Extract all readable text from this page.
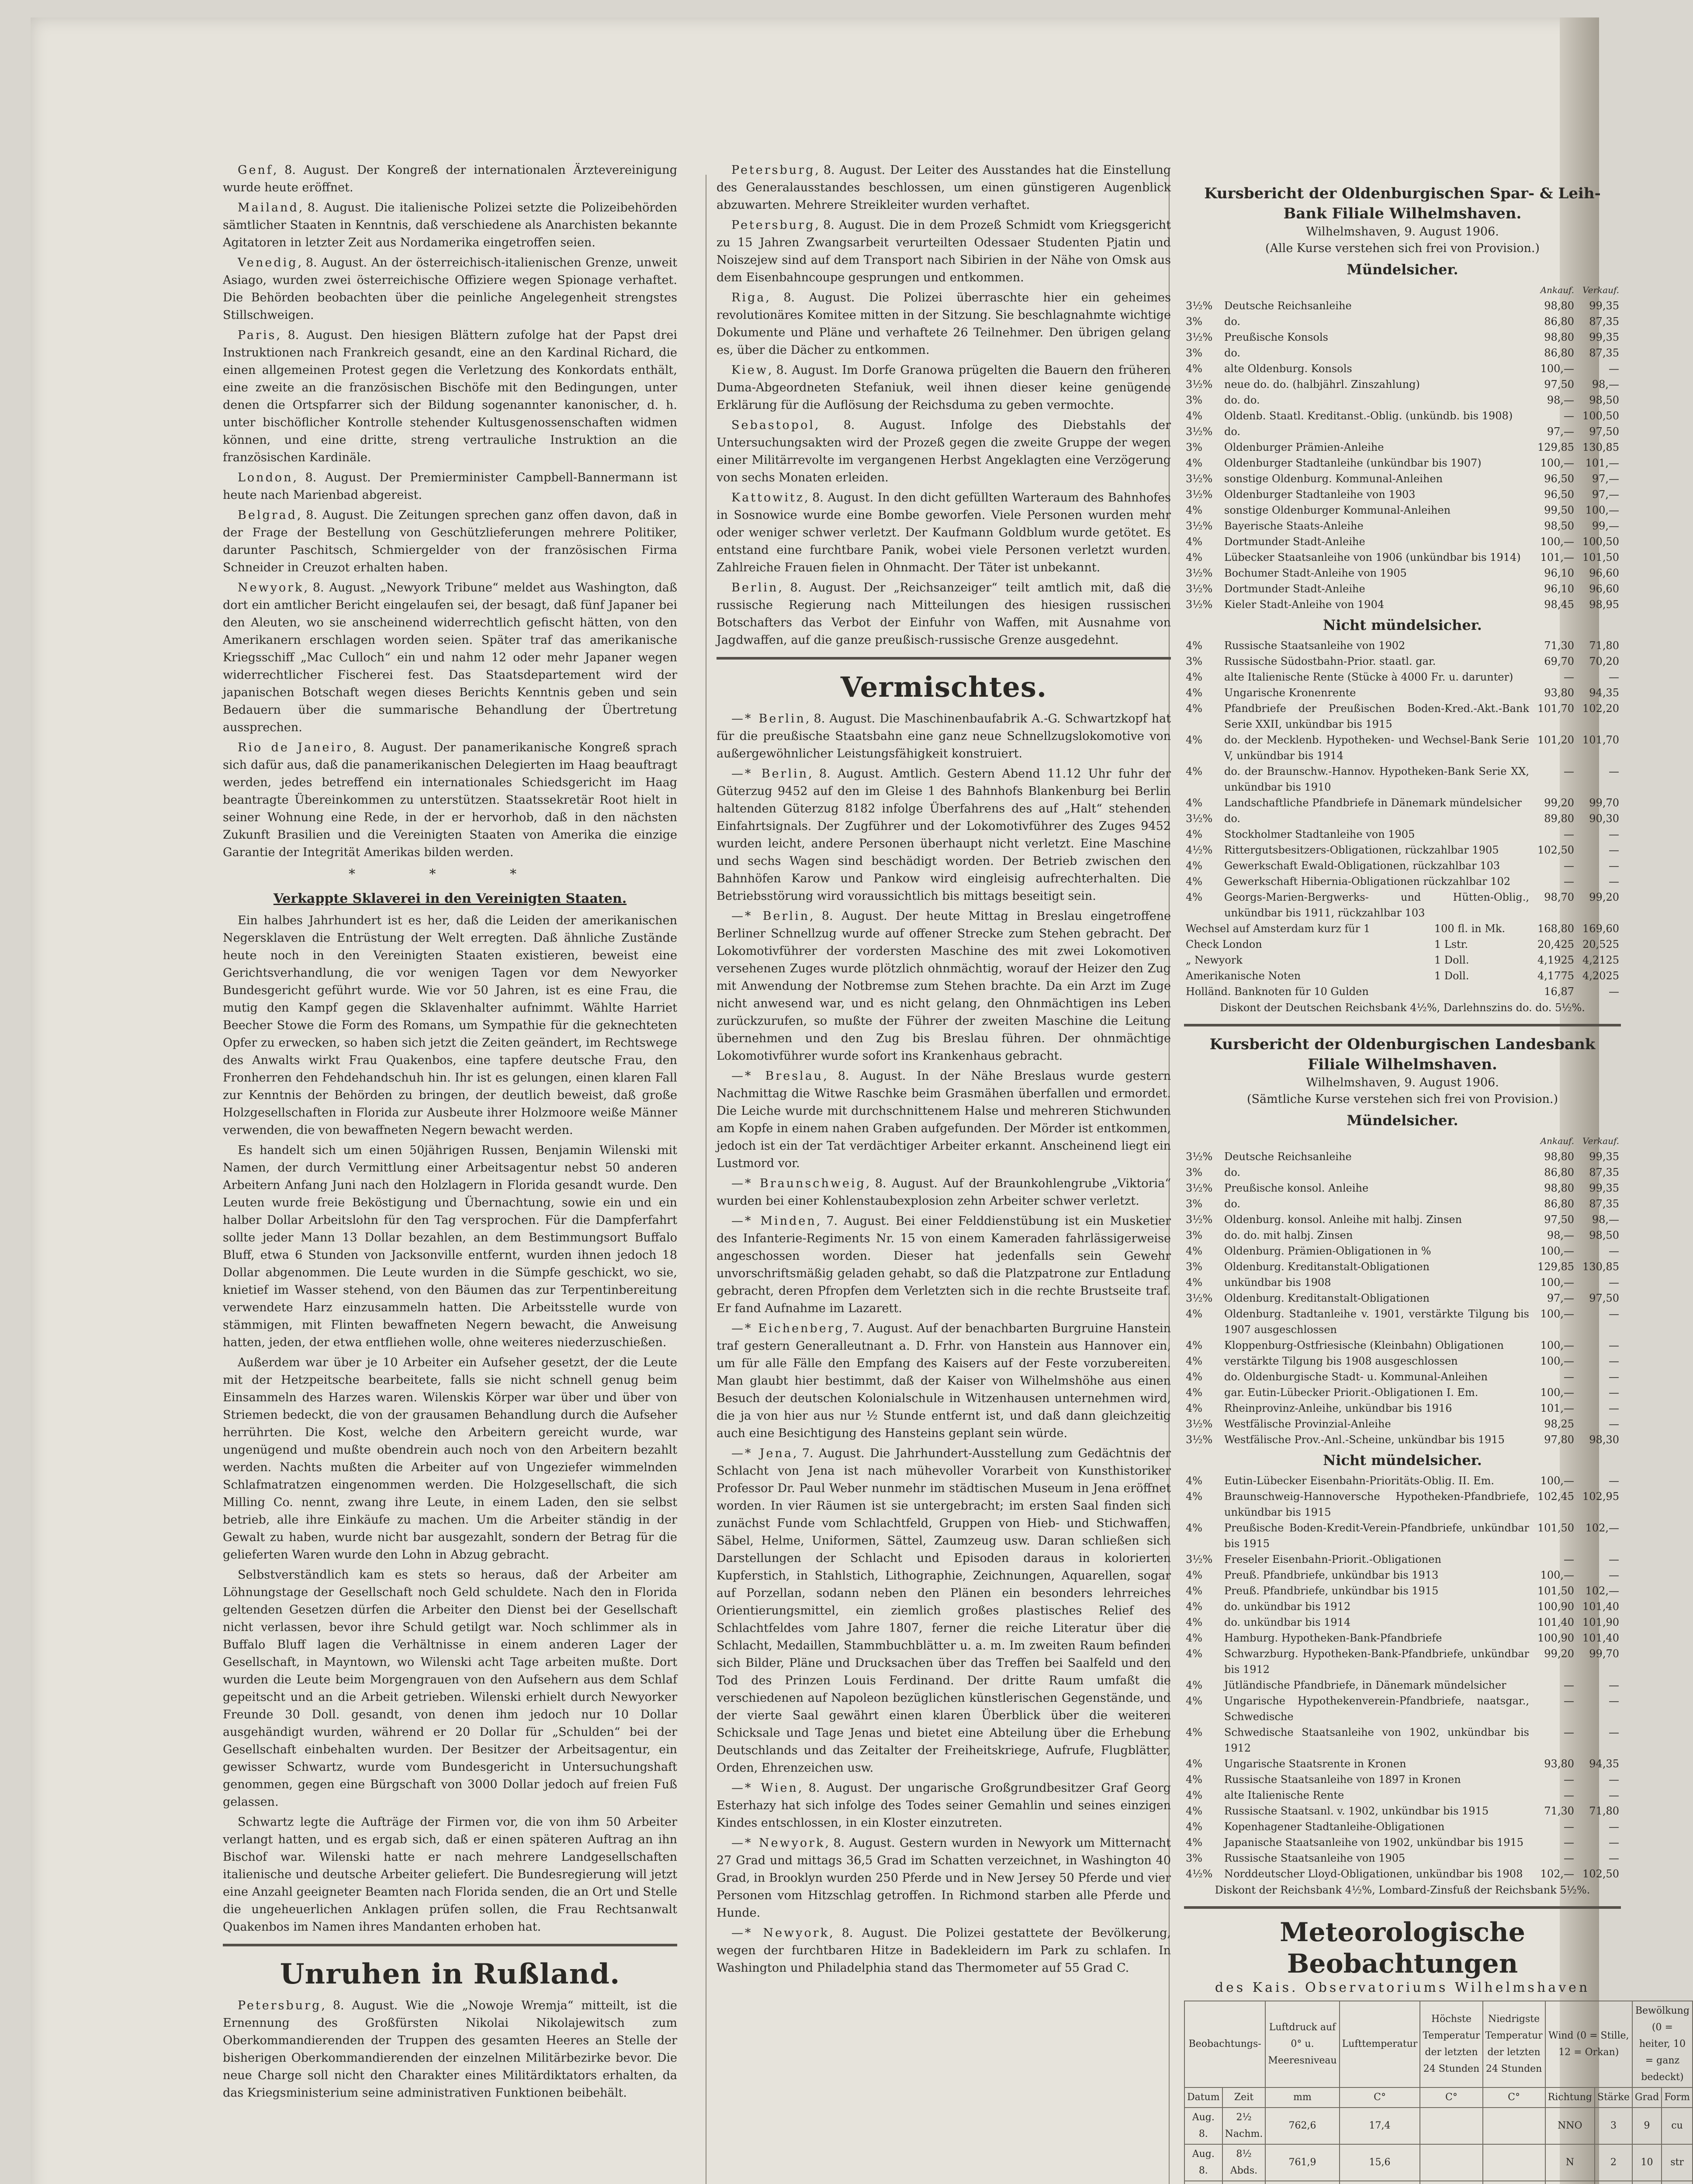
Genf, 8. August. Der Kongreß der internationalen Ärztevereinigung wurde heute eröffnet.

Mailand, 8. August. Die italienische Polizei setzte die Polizeibehörden sämtlicher Staaten in Kenntnis, daß verschiedene als Anarchisten bekannte Agitatoren in letzter Zeit aus Nordamerika eingetroffen seien.

Venedig, 8. August. An der österreichisch-italienischen Grenze, unweit Asiago, wurden zwei österreichische Offiziere wegen Spionage verhaftet. Die Behörden beobachten über die peinliche Angelegenheit strengstes Stillschweigen.

Paris, 8. August. Den hiesigen Blättern zufolge hat der Papst drei Instruktionen nach Frankreich gesandt, eine an den Kardinal Richard, die einen allgemeinen Protest gegen die Verletzung des Konkordats enthält, eine zweite an die französischen Bischöfe mit den Bedingungen, unter denen die Ortspfarrer sich der Bildung sogenannter kanonischer, d. h. unter bischöflicher Kontrolle stehender Kultusgenossenschaften widmen können, und eine dritte, streng vertrauliche Instruktion an die französischen Kardinäle.

London, 8. August. Der Premierminister Campbell-Bannermann ist heute nach Marienbad abgereist.

Belgrad, 8. August. Die Zeitungen sprechen ganz offen davon, daß in der Frage der Bestellung von Geschützlieferungen mehrere Politiker, darunter Paschitsch, Schmiergelder von der französischen Firma Schneider in Creuzot erhalten haben.

Newyork, 8. August. „Newyork Tribune“ meldet aus Washington, daß dort ein amtlicher Bericht eingelaufen sei, der besagt, daß fünf Japaner bei den Aleuten, wo sie anscheinend widerrechtlich gefischt hätten, von den Amerikanern erschlagen worden seien. Später traf das amerikanische Kriegsschiff „Mac Culloch“ ein und nahm 12 oder mehr Japaner wegen widerrechtlicher Fischerei fest. Das Staatsdepartement wird der japanischen Botschaft wegen dieses Berichts Kenntnis geben und sein Bedauern über die summarische Behandlung der Übertretung aussprechen.

Rio de Janeiro, 8. August. Der panamerikanische Kongreß sprach sich dafür aus, daß die panamerikanischen Delegierten im Haag beauftragt werden, jedes betreffend ein internationales Schiedsgericht im Haag beantragte Übereinkommen zu unterstützen. Staatssekretär Root hielt in seiner Wohnung eine Rede, in der er hervorhob, daß in den nächsten Zukunft Brasilien und die Vereinigten Staaten von Amerika die einzige Garantie der Integrität Amerikas bilden werden.

* * *
Verkappte Sklaverei in den Vereinigten Staaten.

Ein halbes Jahrhundert ist es her, daß die Leiden der amerikanischen Negersklaven die Entrüstung der Welt erregten. Daß ähnliche Zustände heute noch in den Vereinigten Staaten existieren, beweist eine Gerichtsverhandlung, die vor wenigen Tagen vor dem Newyorker Bundesgericht geführt wurde. Wie vor 50 Jahren, ist es eine Frau, die mutig den Kampf gegen die Sklavenhalter aufnimmt. Wählte Harriet Beecher Stowe die Form des Romans, um Sympathie für die geknechteten Opfer zu erwecken, so haben sich jetzt die Zeiten geändert, im Rechtswege des Anwalts wirkt Frau Quakenbos, eine tapfere deutsche Frau, den Fronherren den Fehdehandschuh hin. Ihr ist es gelungen, einen klaren Fall zur Kenntnis der Behörden zu bringen, der deutlich beweist, daß große Holzgesellschaften in Florida zur Ausbeute ihrer Holzmoore weiße Männer verwenden, die von bewaffneten Negern bewacht werden.

Es handelt sich um einen 50jährigen Russen, Benjamin Wilenski mit Namen, der durch Vermittlung einer Arbeitsagentur nebst 50 anderen Arbeitern Anfang Juni nach den Holzlagern in Florida gesandt wurde. Den Leuten wurde freie Beköstigung und Übernachtung, sowie ein und ein halber Dollar Arbeitslohn für den Tag versprochen. Für die Dampferfahrt sollte jeder Mann 13 Dollar bezahlen, an dem Bestimmungsort Buffalo Bluff, etwa 6 Stunden von Jacksonville entfernt, wurden ihnen jedoch 18 Dollar abgenommen. Die Leute wurden in die Sümpfe geschickt, wo sie, knietief im Wasser stehend, von den Bäumen das zur Terpentinbereitung verwendete Harz einzusammeln hatten. Die Arbeitsstelle wurde von stämmigen, mit Flinten bewaffneten Negern bewacht, die Anweisung hatten, jeden, der etwa entfliehen wolle, ohne weiteres niederzuschießen.

Außerdem war über je 10 Arbeiter ein Aufseher gesetzt, der die Leute mit der Hetzpeitsche bearbeitete, falls sie nicht schnell genug beim Einsammeln des Harzes waren. Wilenskis Körper war über und über von Striemen bedeckt, die von der grausamen Behandlung durch die Aufseher herrührten. Die Kost, welche den Arbeitern gereicht wurde, war ungenügend und mußte obendrein auch noch von den Arbeitern bezahlt werden. Nachts mußten die Arbeiter auf von Ungeziefer wimmelnden Schlafmatratzen eingenommen werden. Die Holzgesellschaft, die sich Milling Co. nennt, zwang ihre Leute, in einem Laden, den sie selbst betrieb, alle ihre Einkäufe zu machen. Um die Arbeiter ständig in der Gewalt zu haben, wurde nicht bar ausgezahlt, sondern der Betrag für die gelieferten Waren wurde den Lohn in Abzug gebracht.

Selbstverständlich kam es stets so heraus, daß der Arbeiter am Löhnungstage der Gesellschaft noch Geld schuldete. Nach den in Florida geltenden Gesetzen dürfen die Arbeiter den Dienst bei der Gesellschaft nicht verlassen, bevor ihre Schuld getilgt war. Noch schlimmer als in Buffalo Bluff lagen die Verhältnisse in einem anderen Lager der Gesellschaft, in Mayntown, wo Wilenski acht Tage arbeiten mußte. Dort wurden die Leute beim Morgengrauen von den Aufsehern aus dem Schlaf gepeitscht und an die Arbeit getrieben. Wilenski erhielt durch Newyorker Freunde 30 Doll. gesandt, von denen ihm jedoch nur 10 Dollar ausgehändigt wurden, während er 20 Dollar für „Schulden“ bei der Gesellschaft einbehalten wurden. Der Besitzer der Arbeitsagentur, ein gewisser Schwartz, wurde vom Bundesgericht in Untersuchungshaft genommen, gegen eine Bürgschaft von 3000 Dollar jedoch auf freien Fuß gelassen.

Schwartz legte die Aufträge der Firmen vor, die von ihm 50 Arbeiter verlangt hatten, und es ergab sich, daß er einen späteren Auftrag an ihn Bischof war. Wilenski hatte er nach mehrere Landgesellschaften italienische und deutsche Arbeiter geliefert. Die Bundesregierung will jetzt eine Anzahl geeigneter Beamten nach Florida senden, die an Ort und Stelle die ungeheuerlichen Anklagen prüfen sollen, die Frau Rechtsanwalt Quakenbos im Namen ihres Mandanten erhoben hat.

Unruhen in Rußland.

Petersburg, 8. August. Wie die „Nowoje Wremja“ mitteilt, ist die Ernennung des Großfürsten Nikolai Nikolajewitsch zum Oberkommandierenden der Truppen des gesamten Heeres an Stelle der bisherigen Oberkommandierenden der einzelnen Militärbezirke bevor. Die neue Charge soll nicht den Charakter eines Militärdiktators erhalten, da das Kriegsministerium seine administrativen Funktionen beibehält.

Petersburg, 8. August. Der Leiter des Ausstandes hat die Einstellung des Generalausstandes beschlossen, um einen günstigeren Augenblick abzuwarten. Mehrere Streikleiter wurden verhaftet.

Petersburg, 8. August. Die in dem Prozeß Schmidt vom Kriegsgericht zu 15 Jahren Zwangsarbeit verurteilten Odessaer Studenten Pjatin und Noiszejew sind auf dem Transport nach Sibirien in der Nähe von Omsk aus dem Eisenbahncoupe gesprungen und entkommen.

Riga, 8. August. Die Polizei überraschte hier ein geheimes revolutionäres Komitee mitten in der Sitzung. Sie beschlagnahmte wichtige Dokumente und Pläne und verhaftete 26 Teilnehmer. Den übrigen gelang es, über die Dächer zu entkommen.

Kiew, 8. August. Im Dorfe Granowa prügelten die Bauern den früheren Duma-Abgeordneten Stefaniuk, weil ihnen dieser keine genügende Erklärung für die Auflösung der Reichsduma zu geben vermochte.

Sebastopol, 8. August. Infolge des Diebstahls der Untersuchungsakten wird der Prozeß gegen die zweite Gruppe der wegen einer Militärrevolte im vergangenen Herbst Angeklagten eine Verzögerung von sechs Monaten erleiden.

Kattowitz, 8. August. In den dicht gefüllten Warteraum des Bahnhofes in Sosnowice wurde eine Bombe geworfen. Viele Personen wurden mehr oder weniger schwer verletzt. Der Kaufmann Goldblum wurde getötet. Es entstand eine furchtbare Panik, wobei viele Personen verletzt wurden. Zahlreiche Frauen fielen in Ohnmacht. Der Täter ist unbekannt.

Berlin, 8. August. Der „Reichsanzeiger“ teilt amtlich mit, daß die russische Regierung nach Mitteilungen des hiesigen russischen Botschafters das Verbot der Einfuhr von Waffen, mit Ausnahme von Jagdwaffen, auf die ganze preußisch-russische Grenze ausgedehnt.

Vermischtes.

—* Berlin, 8. August. Die Maschinenbaufabrik A.-G. Schwartzkopf hat für die preußische Staatsbahn eine ganz neue Schnellzugslokomotive von außergewöhnlicher Leistungsfähigkeit konstruiert.

—* Berlin, 8. August. Amtlich. Gestern Abend 11.12 Uhr fuhr der Güterzug 9452 auf den im Gleise 1 des Bahnhofs Blankenburg bei Berlin haltenden Güterzug 8182 infolge Überfahrens des auf „Halt“ stehenden Einfahrtsignals. Der Zugführer und der Lokomotivführer des Zuges 9452 wurden leicht, andere Personen überhaupt nicht verletzt. Eine Maschine und sechs Wagen sind beschädigt worden. Der Betrieb zwischen den Bahnhöfen Karow und Pankow wird eingleisig aufrechterhalten. Die Betriebsstörung wird voraussichtlich bis mittags beseitigt sein.

—* Berlin, 8. August. Der heute Mittag in Breslau eingetroffene Berliner Schnellzug wurde auf offener Strecke zum Stehen gebracht. Der Lokomotivführer der vordersten Maschine des mit zwei Lokomotiven versehenen Zuges wurde plötzlich ohnmächtig, worauf der Heizer den Zug mit Anwendung der Notbremse zum Stehen brachte. Da ein Arzt im Zuge nicht anwesend war, und es nicht gelang, den Ohnmächtigen ins Leben zurückzurufen, so mußte der Führer der zweiten Maschine die Leitung übernehmen und den Zug bis Breslau führen. Der ohnmächtige Lokomotivführer wurde sofort ins Krankenhaus gebracht.

—* Breslau, 8. August. In der Nähe Breslaus wurde gestern Nachmittag die Witwe Raschke beim Grasmähen überfallen und ermordet. Die Leiche wurde mit durchschnittenem Halse und mehreren Stichwunden am Kopfe in einem nahen Graben aufgefunden. Der Mörder ist entkommen, jedoch ist ein der Tat verdächtiger Arbeiter erkannt. Anscheinend liegt ein Lustmord vor.

—* Braunschweig, 8. August. Auf der Braunkohlengrube „Viktoria“ wurden bei einer Kohlenstaubexplosion zehn Arbeiter schwer verletzt.

—* Minden, 7. August. Bei einer Felddienstübung ist ein Musketier des Infanterie-Regiments Nr. 15 von einem Kameraden fahrlässigerweise angeschossen worden. Dieser hat jedenfalls sein Gewehr unvorschriftsmäßig geladen gehabt, so daß die Platzpatrone zur Entladung gebracht, deren Pfropfen dem Verletzten sich in die rechte Brustseite traf. Er fand Aufnahme im Lazarett.

—* Eichenberg, 7. August. Auf der benachbarten Burgruine Hanstein traf gestern Generalleutnant a. D. Frhr. von Hanstein aus Hannover ein, um für alle Fälle den Empfang des Kaisers auf der Feste vorzubereiten. Man glaubt hier bestimmt, daß der Kaiser von Wilhelmshöhe aus einen Besuch der deutschen Kolonialschule in Witzenhausen unternehmen wird, die ja von hier aus nur ½ Stunde entfernt ist, und daß dann gleichzeitig auch eine Besichtigung des Hansteins geplant sein würde.

—* Jena, 7. August. Die Jahrhundert-Ausstellung zum Gedächtnis der Schlacht von Jena ist nach mühevoller Vorarbeit von Kunsthistoriker Professor Dr. Paul Weber nunmehr im städtischen Museum in Jena eröffnet worden. In vier Räumen ist sie untergebracht; im ersten Saal finden sich zunächst Funde vom Schlachtfeld, Gruppen von Hieb- und Stichwaffen, Säbel, Helme, Uniformen, Sättel, Zaumzeug usw. Daran schließen sich Darstellungen der Schlacht und Episoden daraus in kolorierten Kupferstich, in Stahlstich, Lithographie, Zeichnungen, Aquarellen, sogar auf Porzellan, sodann neben den Plänen ein besonders lehrreiches Orientierungsmittel, ein ziemlich großes plastisches Relief des Schlachtfeldes vom Jahre 1807, ferner die reiche Literatur über die Schlacht, Medaillen, Stammbuchblätter u. a. m. Im zweiten Raum befinden sich Bilder, Pläne und Drucksachen über das Treffen bei Saalfeld und den Tod des Prinzen Louis Ferdinand. Der dritte Raum umfaßt die verschiedenen auf Napoleon bezüglichen künstlerischen Gegenstände, und der vierte Saal gewährt einen klaren Überblick über die weiteren Schicksale und Tage Jenas und bietet eine Abteilung über die Erhebung Deutschlands und das Zeitalter der Freiheitskriege, Aufrufe, Flugblätter, Orden, Ehrenzeichen usw.

—* Wien, 8. August. Der ungarische Großgrundbesitzer Graf Georg Esterhazy hat sich infolge des Todes seiner Gemahlin und seines einzigen Kindes entschlossen, in ein Kloster einzutreten.

—* Newyork, 8. August. Gestern wurden in Newyork um Mitternacht 27 Grad und mittags 36,5 Grad im Schatten verzeichnet, in Washington 40 Grad, in Brooklyn wurden 250 Pferde und in New Jersey 50 Pferde und vier Personen vom Hitzschlag getroffen. In Richmond starben alle Pferde und Hunde.

—* Newyork, 8. August. Die Polizei gestattete der Bevölkerung, wegen der furchtbaren Hitze in Badekleidern im Park zu schlafen. In Washington und Philadelphia stand das Thermometer auf 55 Grad C.

Kursbericht der Oldenburgischen Spar- & Leih-Bank Filiale Wilhelmshaven.
Wilhelmshaven, 9. August 1906.
(Alle Kurse verstehen sich frei von Provision.)
Mündelsicher.
		Ankauf.	Verkauf.
3½%	Deutsche Reichsanleihe	98,80	99,35
3%	do.	86,80	87,35
3½%	Preußische Konsols	98,80	99,35
3%	do.	86,80	87,35
4%	alte Oldenburg. Konsols	100,—	—
3½%	neue do. do. (halbjährl. Zinszahlung)	97,50	98,—
3%	do. do.	98,—	98,50
4%	Oldenb. Staatl. Kreditanst.-Oblig. (unkündb. bis 1908)	—	100,50
3½%	do.	97,—	97,50
3%	Oldenburger Prämien-Anleihe	129,85	130,85
4%	Oldenburger Stadtanleihe (unkündbar bis 1907)	100,—	101,—
3½%	sonstige Oldenburg. Kommunal-Anleihen	96,50	97,—
3½%	Oldenburger Stadtanleihe von 1903	96,50	97,—
4%	sonstige Oldenburger Kommunal-Anleihen	99,50	100,—
3½%	Bayerische Staats-Anleihe	98,50	99,—
4%	Dortmunder Stadt-Anleihe	100,—	100,50
4%	Lübecker Staatsanleihe von 1906 (unkündbar bis 1914)	101,—	101,50
3½%	Bochumer Stadt-Anleihe von 1905	96,10	96,60
3½%	Dortmunder Stadt-Anleihe	96,10	96,60
3½%	Kieler Stadt-Anleihe von 1904	98,45	98,95
Nicht mündelsicher.
4%	Russische Staatsanleihe von 1902	71,30	71,80
3%	Russische Südostbahn-Prior. staatl. gar.	69,70	70,20
4%	alte Italienische Rente (Stücke à 4000 Fr. u. darunter)	—	—
4%	Ungarische Kronenrente	93,80	94,35
4%	Pfandbriefe der Preußischen Boden-Kred.-Akt.-Bank Serie XXII, unkündbar bis 1915	101,70	102,20
4%	do. der Mecklenb. Hypotheken- und Wechsel-Bank Serie V, unkündbar bis 1914	101,20	101,70
4%	do. der Braunschw.-Hannov. Hypotheken-Bank Serie XX, unkündbar bis 1910	—	—
4%	Landschaftliche Pfandbriefe in Dänemark mündelsicher	99,20	99,70
3½%	do.	89,80	90,30
4%	Stockholmer Stadtanleihe von 1905	—	—
4½%	Rittergutsbesitzers-Obligationen, rückzahlbar 1905	102,50	—
4%	Gewerkschaft Ewald-Obligationen, rückzahlbar 103	—	—
4%	Gewerkschaft Hibernia-Obligationen rückzahlbar 102	—	—
4%	Georgs-Marien-Bergwerks- und Hütten-Oblig., unkündbar bis 1911, rückzahlbar 103	98,70	99,20
Wechsel auf Amsterdam kurz für 1	100 fl. in Mk.	168,80	169,60
Check London	1 Lstr.	20,425	20,525
„ Newyork	1 Doll.	4,1925	4,2125
Amerikanische Noten	1 Doll.	4,1775	4,2025
Holländ. Banknoten für 10 Gulden		16,87	—
Diskont der Deutschen Reichsbank 4½%, Darlehnszins do. do. 5½%.
Kursbericht der Oldenburgischen Landesbank Filiale Wilhelmshaven.
Wilhelmshaven, 9. August 1906.
(Sämtliche Kurse verstehen sich frei von Provision.)
Mündelsicher.
		Ankauf.	Verkauf.
3½%	Deutsche Reichsanleihe	98,80	99,35
3%	do.	86,80	87,35
3½%	Preußische konsol. Anleihe	98,80	99,35
3%	do.	86,80	87,35
3½%	Oldenburg. konsol. Anleihe mit halbj. Zinsen	97,50	98,—
3%	do. do. mit halbj. Zinsen	98,—	98,50
4%	Oldenburg. Prämien-Obligationen in %	100,—	—
3%	Oldenburg. Kreditanstalt-Obligationen	129,85	130,85
4%	unkündbar bis 1908	100,—	—
3½%	Oldenburg. Kreditanstalt-Obligationen	97,—	97,50
4%	Oldenburg. Stadtanleihe v. 1901, verstärkte Tilgung bis 1907 ausgeschlossen	100,—	—
4%	Kloppenburg-Ostfriesische (Kleinbahn) Obligationen	100,—	—
4%	verstärkte Tilgung bis 1908 ausgeschlossen	100,—	—
4%	do. Oldenburgische Stadt- u. Kommunal-Anleihen	—	—
4%	gar. Eutin-Lübecker Priorit.-Obligationen I. Em.	100,—	—
4%	Rheinprovinz-Anleihe, unkündbar bis 1916	101,—	—
3½%	Westfälische Provinzial-Anleihe	98,25	—
3½%	Westfälische Prov.-Anl.-Scheine, unkündbar bis 1915	97,80	98,30
Nicht mündelsicher.
4%	Eutin-Lübecker Eisenbahn-Prioritäts-Oblig. II. Em.	100,—	—
4%	Braunschweig-Hannoversche Hypotheken-Pfandbriefe, unkündbar bis 1915	102,45	102,95
4%	Preußische Boden-Kredit-Verein-Pfandbriefe, unkündbar bis 1915	101,50	102,—
3½%	Freseler Eisenbahn-Priorit.-Obligationen	—	—
4%	Preuß. Pfandbriefe, unkündbar bis 1913	100,—	—
4%	Preuß. Pfandbriefe, unkündbar bis 1915	101,50	102,—
4%	do. unkündbar bis 1912	100,90	101,40
4%	do. unkündbar bis 1914	101,40	101,90
4%	Hamburg. Hypotheken-Bank-Pfandbriefe	100,90	101,40
4%	Schwarzburg. Hypotheken-Bank-Pfandbriefe, unkündbar bis 1912	99,20	99,70
4%	Jütländische Pfandbriefe, in Dänemark mündelsicher	—	—
4%	Ungarische Hypothekenverein-Pfandbriefe, naatsgar., Schwedische	—	—
4%	Schwedische Staatsanleihe von 1902, unkündbar bis 1912	—	—
4%	Ungarische Staatsrente in Kronen	93,80	94,35
4%	Russische Staatsanleihe von 1897 in Kronen	—	—
4%	alte Italienische Rente	—	—
4%	Russische Staatsanl. v. 1902, unkündbar bis 1915	71,30	71,80
4%	Kopenhagener Stadtanleihe-Obligationen	—	—
4%	Japanische Staatsanleihe von 1902, unkündbar bis 1915	—	—
3%	Russische Staatsanleihe von 1905	—	—
4½%	Norddeutscher Lloyd-Obligationen, unkündbar bis 1908	102,—	102,50
Diskont der Reichsbank 4½%, Lombard-Zinsfuß der Reichsbank 5½%.
Meteorologische Beobachtungen
des Kais. Observatoriums Wilhelmshaven
Beobachtungs-		Luftdruck auf 0° u. Meeresniveau	Lufttemperatur	Höchste Temperatur der letzten 24 Stunden	Niedrigste Temperatur der letzten 24 Stunden	Wind (0 = Stille, 12 = Orkan)		Bewölkung (0 = heiter, 10 = ganz bedeckt)	
Datum	Zeit	mm	C°	C°	C°	Richtung	Stärke	Grad	Form
Aug. 8.	2½ Nachm.	762,6	17,4			NNO	3	9	cu
Aug. 8.	8½ Abds.	761,9	15,6			N	2	10	str
